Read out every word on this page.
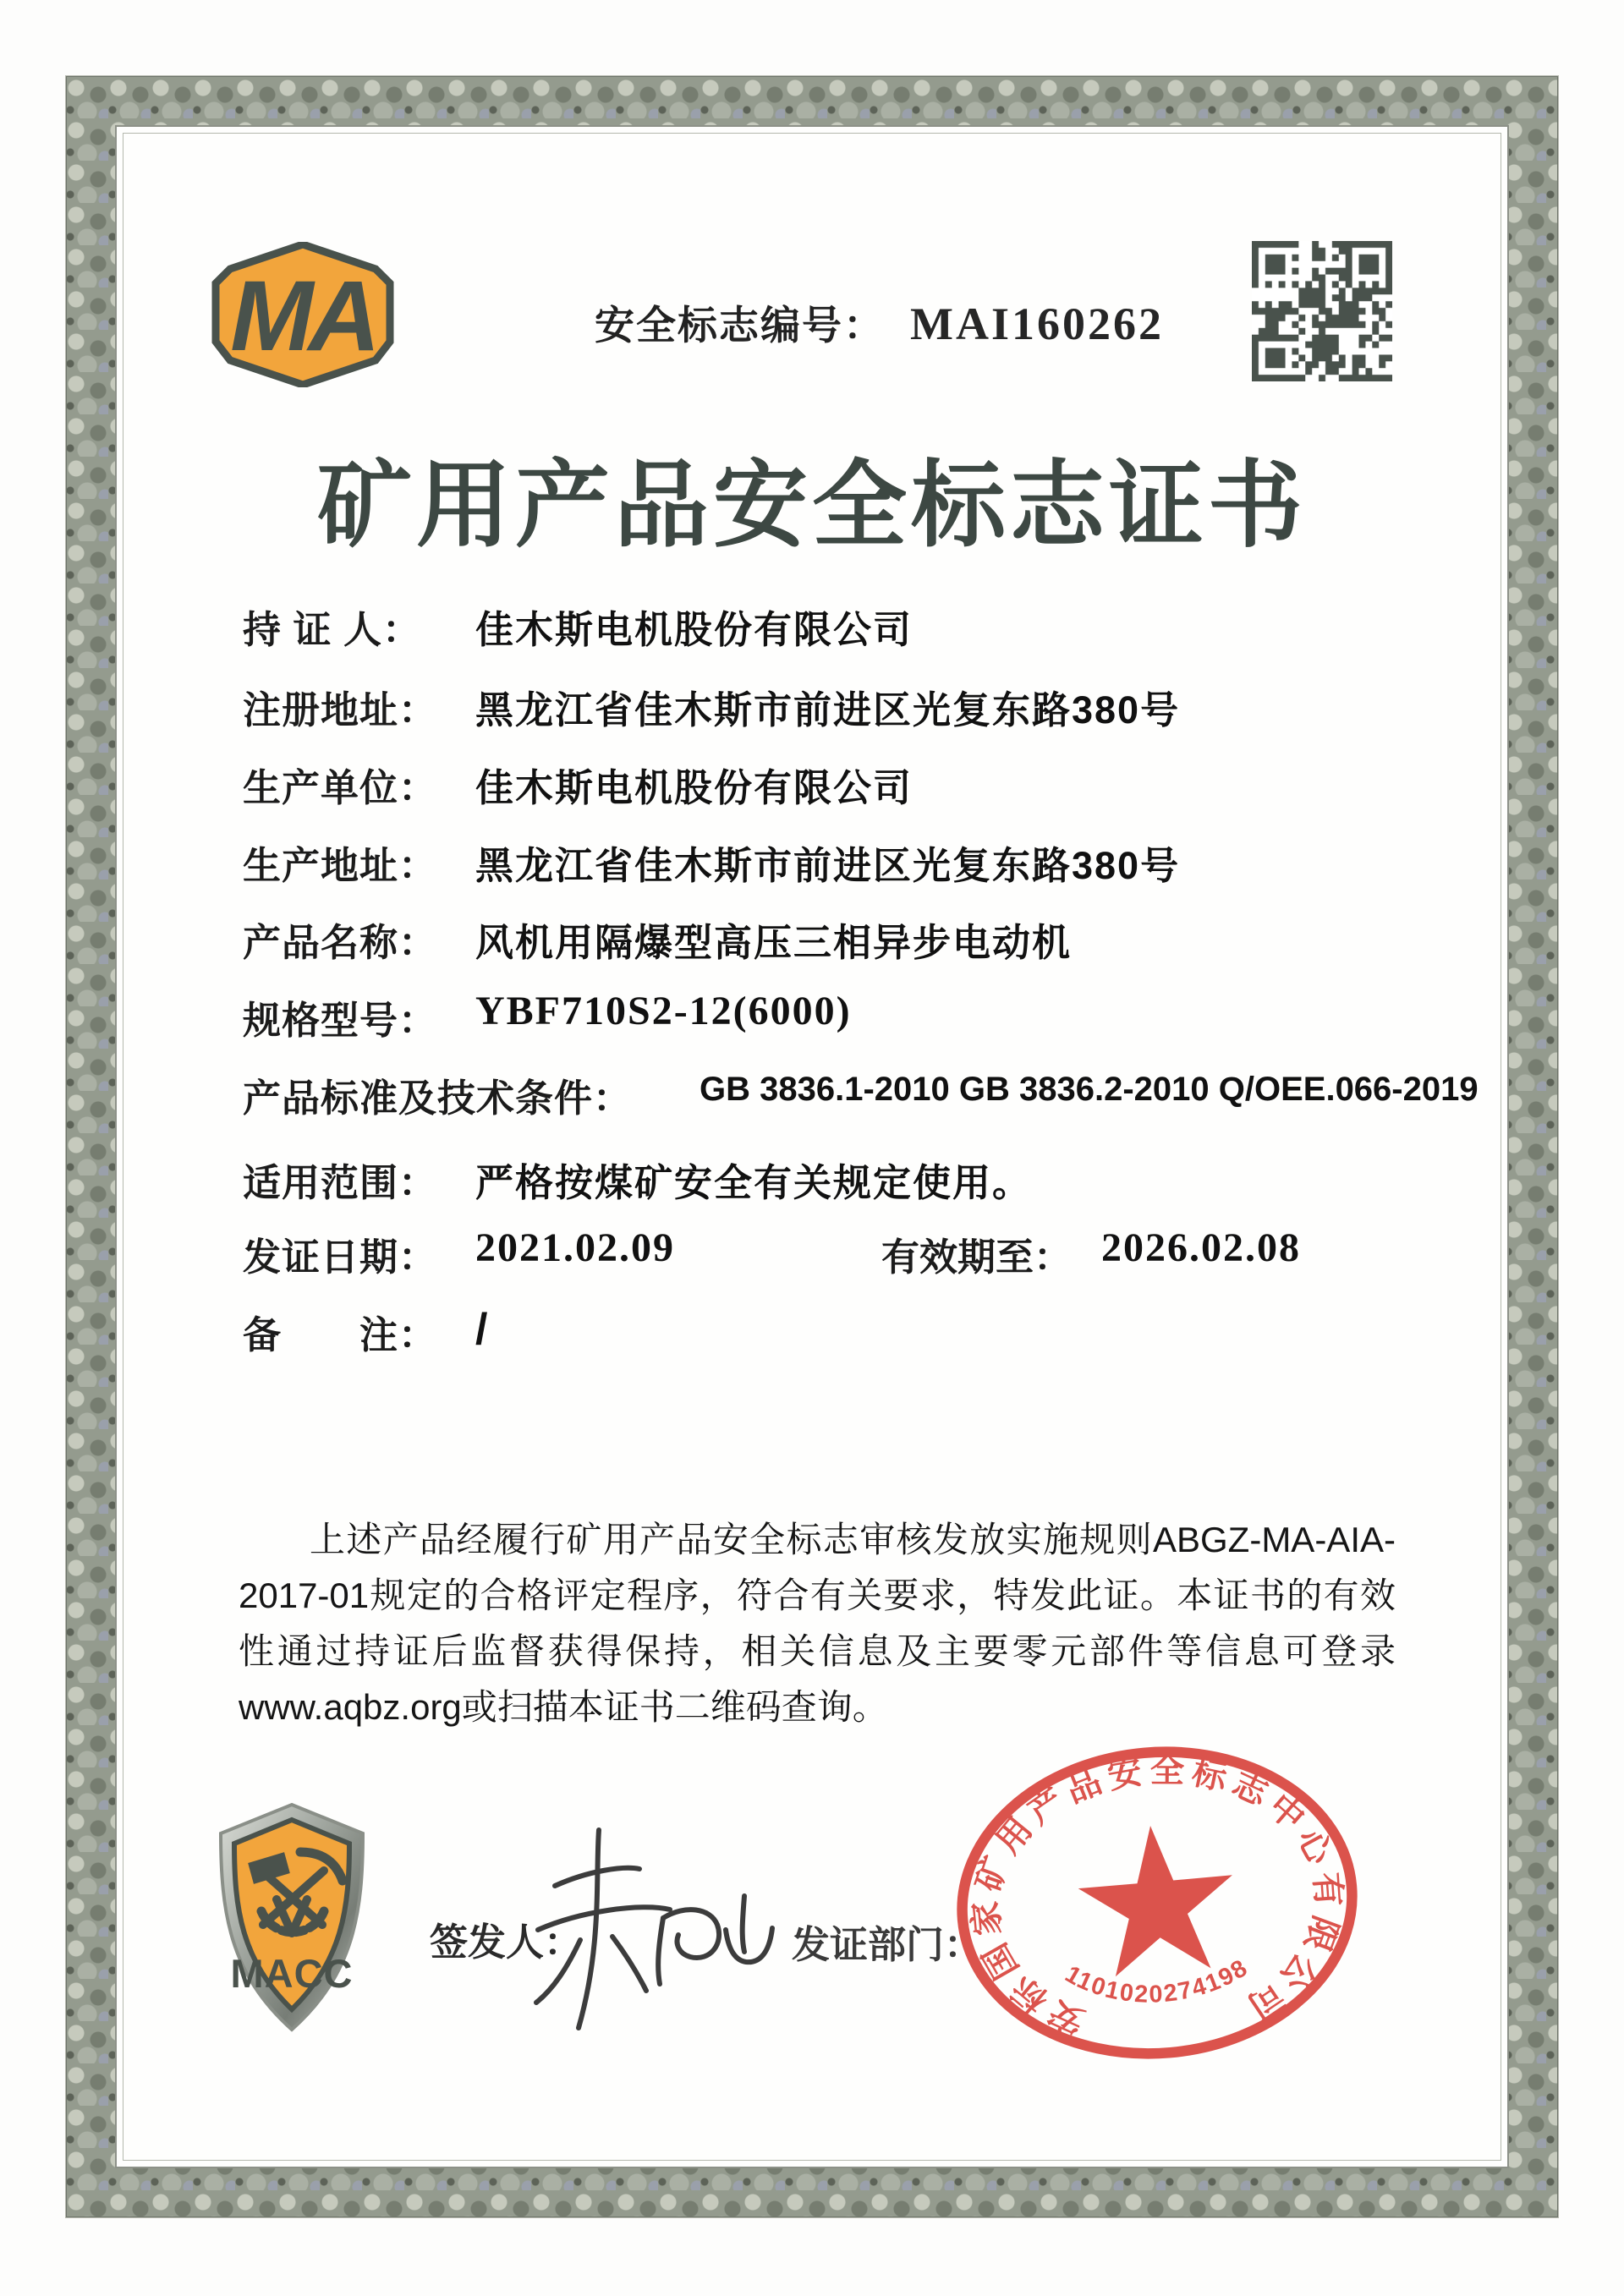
MA	安全标志编号： MAI160262
矿用产品安全标志证书
持 证 人： 佳木斯电机股份有限公司
注册地址： 黑龙江省佳木斯市前进区光复东路380号
生产单位： 佳木斯电机股份有限公司
生产地址： 黑龙江省佳木斯市前进区光复东路380号
产品名称： 风机用隔爆型高压三相异步电动机
规格型号： YBF710S2-12(6000)
产品标准及技术条件： GB 3836.1-2010 GB 3836.2-2010 Q/OEE.066-2019
适用范围： 严格按煤矿安全有关规定使用。
发证日期： 2021.02.09	有效期至： 2026.02.08
备　　注： /
上述产品经履行矿用产品安全标志审核发放实施规则ABGZ-MA-AIA-2017-01规定的合格评定程序，符合有关要求，特发此证。本证书的有效性通过持证后监督获得保持，相关信息及主要零元部件等信息可登录www.aqbz.org或扫描本证书二维码查询。
MACC
签发人：	发证部门：
安标国家矿用产品安全标志中心有限公司
1101020274198
